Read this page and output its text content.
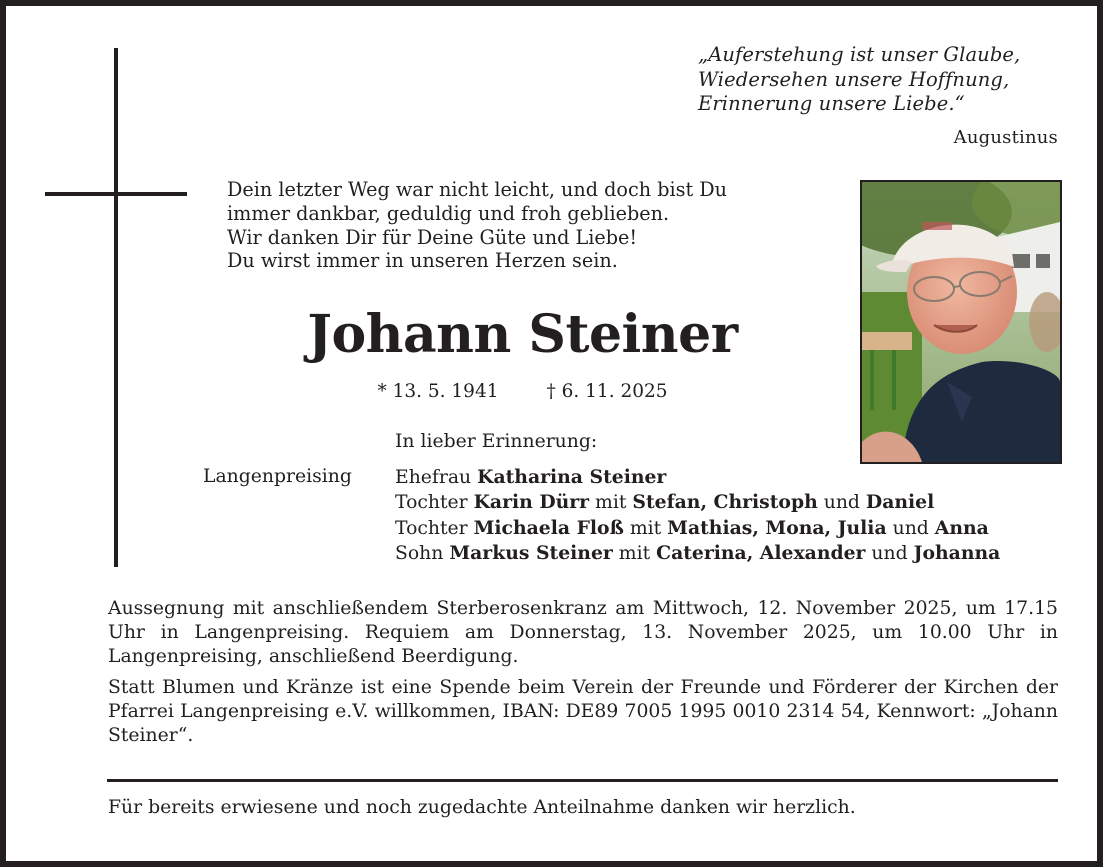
„Auferstehung ist unser Glaube,
Wiedersehen unsere Hoffnung,
Erinnerung unsere Liebe.“
Augustinus
Dein letzter Weg war nicht leicht, und doch bist Du
immer dankbar, geduldig und froh geblieben.
Wir danken Dir für Deine Güte und Liebe!
Du wirst immer in unseren Herzen sein.
Johann Steiner
* 13. 5. 1941	† 6. 11. 2025
Langenpreising
In lieber Erinnerung:
Ehefrau Katharina Steiner
Tochter Karin Dürr mit Stefan, Christoph und Daniel
Tochter Michaela Floß mit Mathias, Mona, Julia und Anna
Sohn Markus Steiner mit Caterina, Alexander und Johanna

Aussegnung mit anschließendem Sterberosenkranz am Mittwoch, 12. November 2025, um 17.15 Uhr in Langenpreising. Requiem am Donnerstag, 13. November 2025, um 10.00 Uhr in Langenpreising, anschließend Beerdigung.

Statt Blumen und Kränze ist eine Spende beim Verein der Freunde und Förderer der Kirchen der Pfarrei Langenpreising e.V. willkommen, IBAN: DE89 7005 1995 0010 2314 54, Kennwort: „Johann Steiner“.

Für bereits erwiesene und noch zugedachte Anteilnahme danken wir herzlich.
